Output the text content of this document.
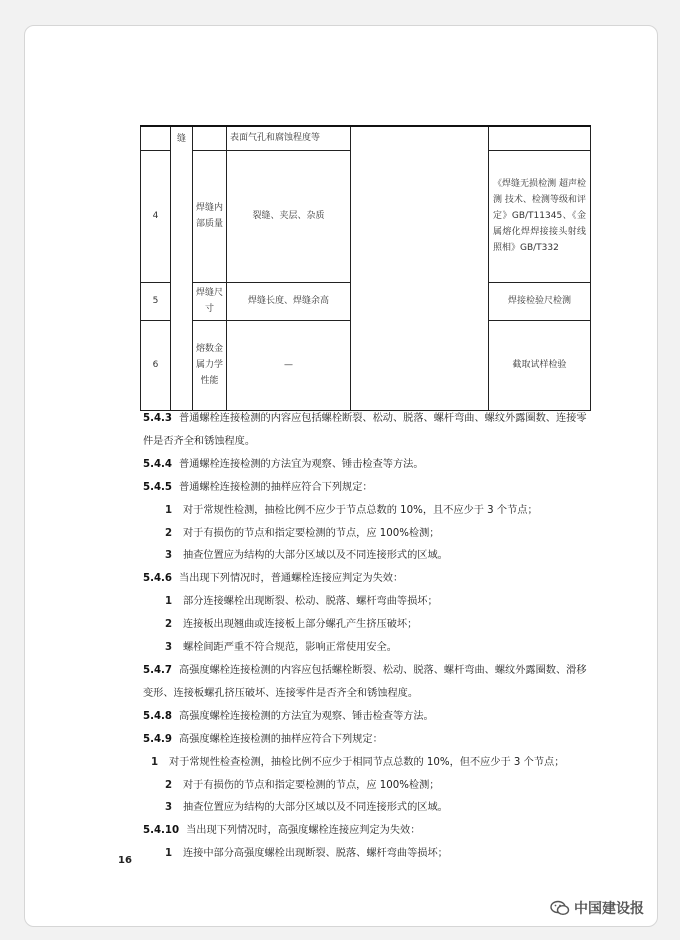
	缝		表面气孔和腐蚀程度等		
4		焊缝内部质量	裂缝、夹层、杂质		《焊缝无损检测 超声检测 技术、检测等级和评定》GB/T11345、《金属熔化焊焊接接头射线照相》GB/T332
5		焊缝尺寸	焊缝长度、焊缝余高		焊接检验尺检测
6		熔数金属力学性能	—		截取试样检验
5.4.3 普通螺栓连接检测的内容应包括螺栓断裂、松动、脱落、螺杆弯曲、螺纹外露圈数、连接零件是否齐全和锈蚀程度。
5.4.4 普通螺栓连接检测的方法宜为观察、锤击检查等方法。
5.4.5 普通螺栓连接检测的抽样应符合下列规定：
1 对于常规性检测，抽检比例不应少于节点总数的 10%，且不应少于 3 个节点；
2 对于有损伤的节点和指定要检测的节点，应 100%检测；
3 抽查位置应为结构的大部分区域以及不同连接形式的区域。
5.4.6 当出现下列情况时，普通螺栓连接应判定为失效：
1 部分连接螺栓出现断裂、松动、脱落、螺杆弯曲等损坏；
2 连接板出现翘曲或连接板上部分螺孔产生挤压破坏；
3 螺栓间距严重不符合规范，影响正常使用安全。
5.4.7 高强度螺栓连接检测的内容应包括螺栓断裂、松动、脱落、螺杆弯曲、螺纹外露圈数、滑移变形、连接板螺孔挤压破坏、连接零件是否齐全和锈蚀程度。
5.4.8 高强度螺栓连接检测的方法宜为观察、锤击检查等方法。
5.4.9 高强度螺栓连接检测的抽样应符合下列规定：
1 对于常规性检查检测，抽检比例不应少于相同节点总数的 10%，但不应少于 3 个节点；
2 对于有损伤的节点和指定要检测的节点，应 100%检测；
3 抽查位置应为结构的大部分区域以及不同连接形式的区域。
5.4.10 当出现下列情况时，高强度螺栓连接应判定为失效：
1 连接中部分高强度螺栓出现断裂、脱落、螺杆弯曲等损坏；
16
中国建设报
